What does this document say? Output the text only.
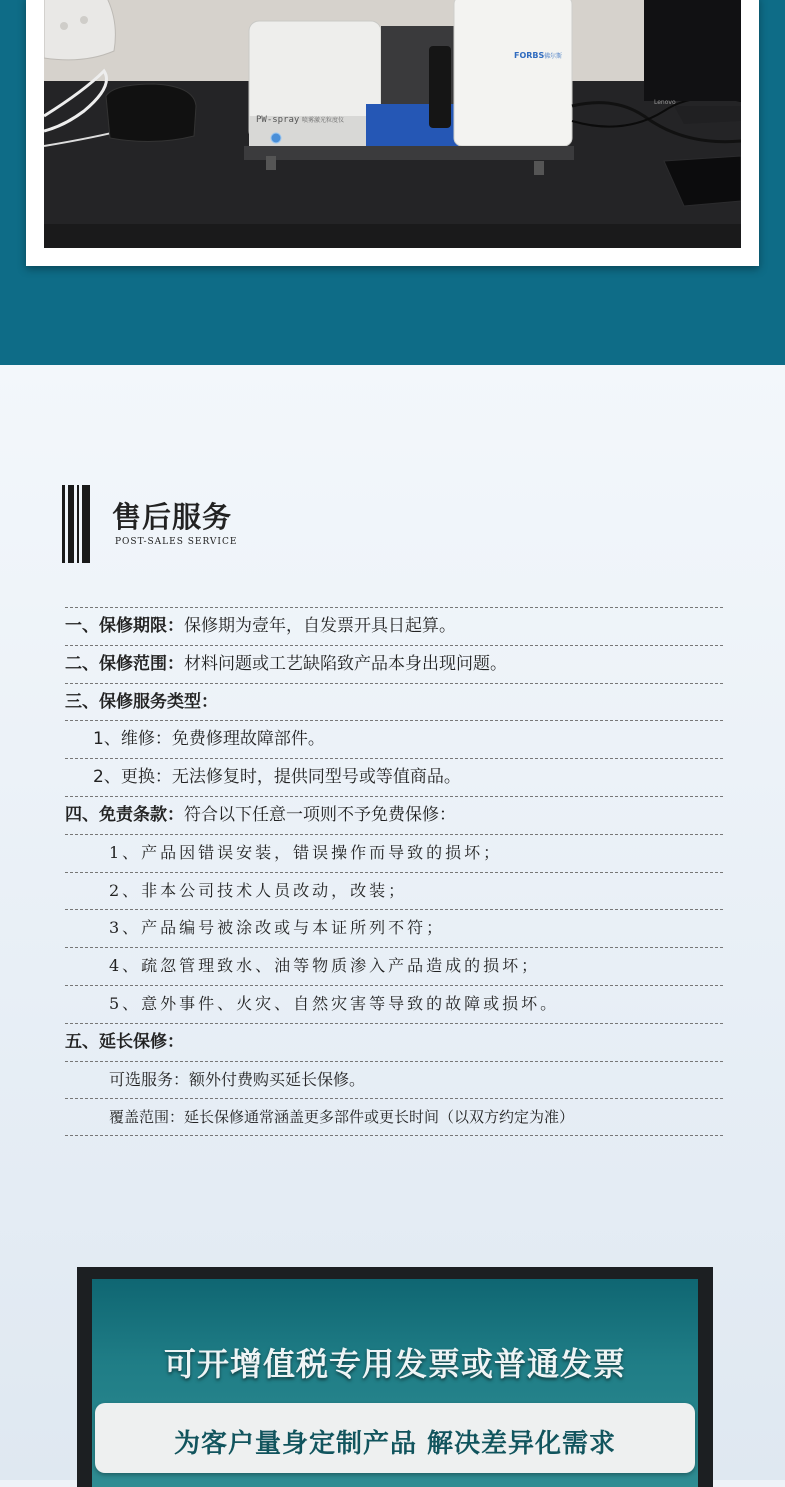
PW-spray 喷雾激光粒度仪
FORBS 佛尔斯
Lenovo
售后服务
POST-SALES SERVICE
一、保修期限：保修期为壹年，自发票开具日起算。
二、保修范围：材料问题或工艺缺陷致产品本身出现问题。
三、保修服务类型：
1、维修：免费修理故障部件。
2、更换：无法修复时，提供同型号或等值商品。
四、免责条款：符合以下任意一项则不予免费保修：
1、产品因错误安装，错误操作而导致的损坏；
2、非本公司技术人员改动，改装；
3、产品编号被涂改或与本证所列不符；
4、疏忽管理致水、油等物质渗入产品造成的损坏；
5、意外事件、火灾、自然灾害等导致的故障或损坏。
五、延长保修：
可选服务：额外付费购买延长保修。
覆盖范围：延长保修通常涵盖更多部件或更长时间（以双方约定为准）
可开增值税专用发票或普通发票
为客户量身定制产品 解决差异化需求
